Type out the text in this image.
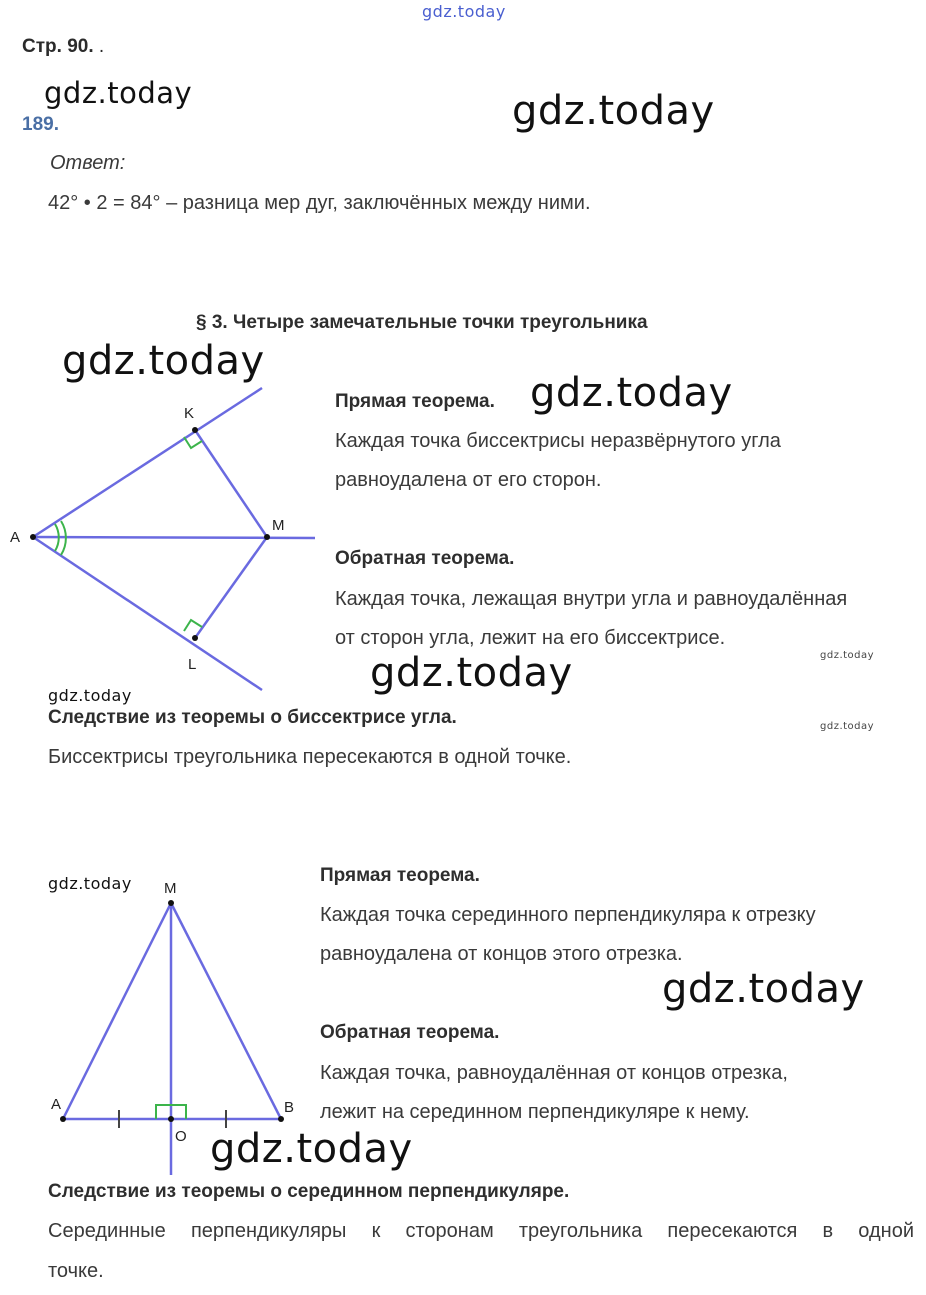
gdz.today
gdz.today	gdz.today
gdz.today
gdz.today
gdz.today	gdz.today
gdz.today
gdz.today
gdz.today
gdz.today
gdz.today
Стр. 90. .
189.
Ответ:
42° • 2 = 84° – разница мер дуг, заключённых между ними.
§ 3. Четыре замечательные точки треугольника
A
K
M
L
Прямая теорема.
Каждая точка биссектрисы неразвёрнутого угла
равноудалена от его сторон.
Обратная теорема.
Каждая точка, лежащая внутри угла и равноудалённая
от сторон угла, лежит на его биссектрисе.
Следствие из теоремы о биссектрисе угла.
Биссектрисы треугольника пересекаются в одной точке.
M
A	B
O
Прямая теорема.
Каждая точка серединного перпендикуляра к отрезку
равноудалена от концов этого отрезка.
Обратная теорема.
Каждая точка, равноудалённая от концов отрезка,
лежит на серединном перпендикуляре к нему.
Следствие из теоремы о серединном перпендикуляре.
Серединные перпендикуляры к сторонам треугольника пересекаются в одной
точке.
